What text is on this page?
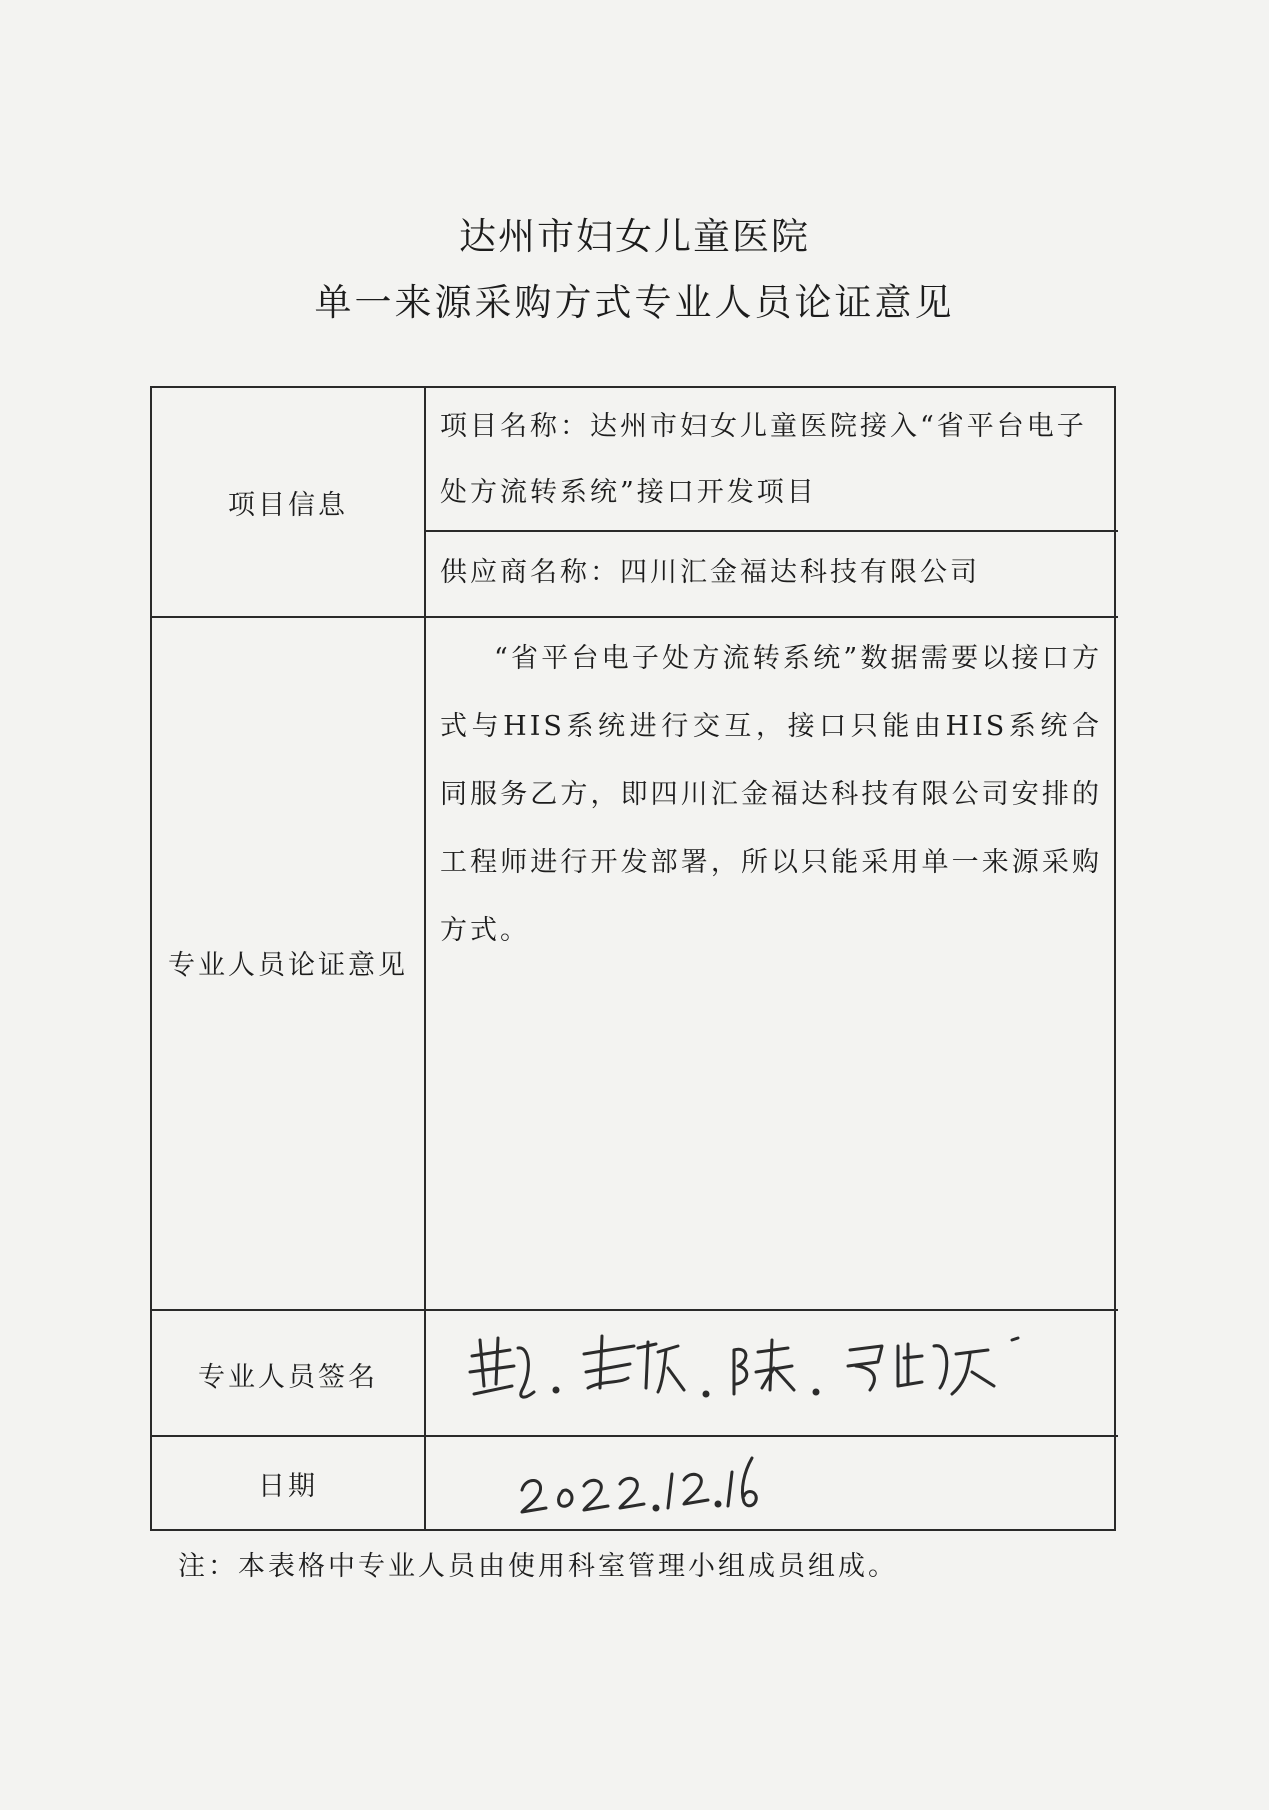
达州市妇女儿童医院
单一来源采购方式专业人员论证意见
项目信息
项目名称：达州市妇女儿童医院接入“省平台电子
处方流转系统”接口开发项目
供应商名称：四川汇金福达科技有限公司
专业人员论证意见
“省平台电子处方流转系统”数据需要以接口方式与HIS系统进行交互，接口只能由HIS系统合同服务乙方，即四川汇金福达科技有限公司安排的工程师进行开发部署，所以只能采用单一来源采购方式。
专业人员签名
日期
注：本表格中专业人员由使用科室管理小组成员组成。
